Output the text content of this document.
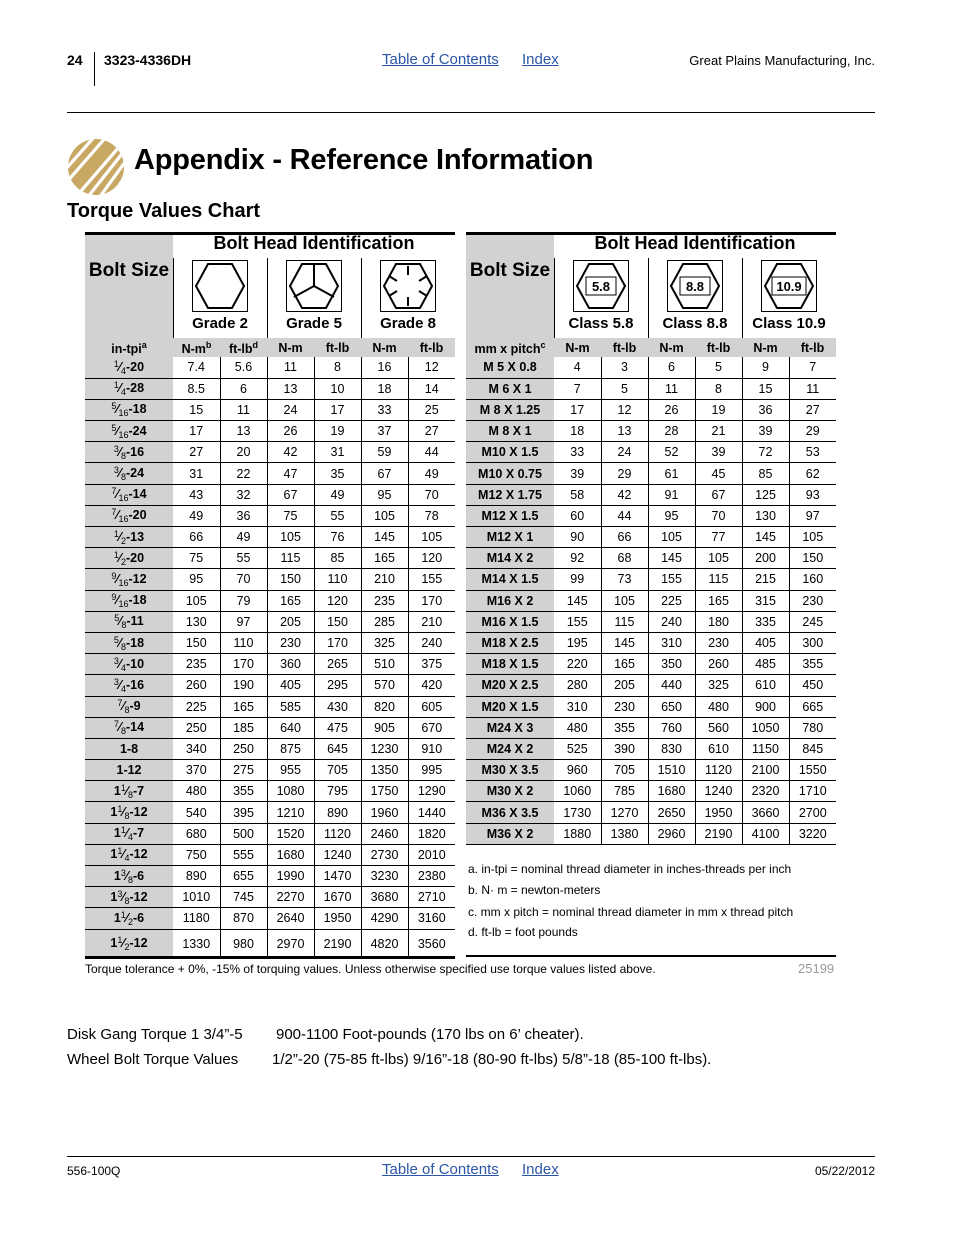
24 3323-4336DH	Table of Contents Index	Great Plains Manufacturing, Inc.
Appendix - Reference Information
Torque Values Chart
Bolt Size
Bolt Head Identification
Grade 2	Grade 5	Grade 8
in-tpi$^a$	$N-m^b$	$ft-lb^d$	N-m	ft-lb	N-m	ft-lb
$^1⁄_4-20$	7.4	5.6	11	8	16	12
$^1⁄_4-28$	8.5	6	13	10	18	14
$^5⁄_{16}-18$	15	11	24	17	33	25
$^5⁄_{16}-24$	17	13	26	19	37	27
$^3⁄_8-16$	27	20	42	31	59	44
$^3⁄_8-24$	31	22	47	35	67	49
$^7⁄_{16}-14$	43	32	67	49	95	70
$^7⁄_{16}-20$	49	36	75	55	105	78
$^1⁄_2-13$	66	49	105	76	145	105
$^1⁄_2-20$	75	55	115	85	165	120
$^9⁄_{16}-12$	95	70	150	110	210	155
$^9⁄_{16}-18$	105	79	165	120	235	170
$^5⁄_8-11$	130	97	205	150	285	210
$^5⁄_8-18$	150	110	230	170	325	240
$^3⁄_4-10$	235	170	360	265	510	375
$^3⁄_4-16$	260	190	405	295	570	420
$^7⁄_8-9$	225	165	585	430	820	605
$^7⁄_8-14$	250	185	640	475	905	670
1-8	340	250	875	645	1230	910
1-12	370	275	955	705	1350	995
$1^1⁄_8-7$	480	355	1080	795	1750	1290
$1^1⁄_8-12$	540	395	1210	890	1960	1440
$1^1⁄_4-7$	680	500	1520	1120	2460	1820
$1^1⁄_4-12$	750	555	1680	1240	2730	2010
$1^3⁄_8-6$	890	655	1990	1470	3230	2380
$1^3⁄_8-12$	1010	745	2270	1670	3680	2710
$1^1⁄_2-6$	1180	870	2640	1950	4290	3160
$1^1⁄_2-12$	1330	980	2970	2190	4820	3560
Bolt Size
Bolt Head Identification
5.8	8.8	10.9
Class 5.8	Class 8.8	Class 10.9
mm x pitch$^c$	N-m	ft-lb	N-m	ft-lb	N-m	ft-lb
M 5 X 0.8	4	3	6	5	9	7
M 6 X 1	7	5	11	8	15	11
M 8 X 1.25	17	12	26	19	36	27
M 8 X 1	18	13	28	21	39	29
M10 X 1.5	33	24	52	39	72	53
M10 X 0.75	39	29	61	45	85	62
M12 X 1.75	58	42	91	67	125	93
M12 X 1.5	60	44	95	70	130	97
M12 X 1	90	66	105	77	145	105
M14 X 2	92	68	145	105	200	150
M14 X 1.5	99	73	155	115	215	160
M16 X 2	145	105	225	165	315	230
M16 X 1.5	155	115	240	180	335	245
M18 X 2.5	195	145	310	230	405	300
M18 X 1.5	220	165	350	260	485	355
M20 X 2.5	280	205	440	325	610	450
M20 X 1.5	310	230	650	480	900	665
M24 X 3	480	355	760	560	1050	780
M24 X 2	525	390	830	610	1150	845
M30 X 3.5	960	705	1510	1120	2100	1550
M30 X 2	1060	785	1680	1240	2320	1710
M36 X 3.5	1730	1270	2650	1950	3660	2700
M36 X 2	1880	1380	2960	2190	4100	3220
a. in-tpi = nominal thread diameter in inches-threads per inch
b. N· m = newton-meters
c. mm x pitch = nominal thread diameter in mm x thread pitch
d. ft-lb = foot pounds
Torque tolerance + 0%, -15% of torquing values. Unless otherwise specified use torque values listed above.	25199
Disk Gang Torque 1 3/4”-5 900-1100 Foot-pounds (170 lbs on 6’ cheater).
Wheel Bolt Torque Values 1/2”-20 (75-85 ft-lbs) 9/16”-18 (80-90 ft-lbs) 5/8”-18 (85-100 ft-lbs).
556-100Q	Table of Contents Index	05/22/2012
